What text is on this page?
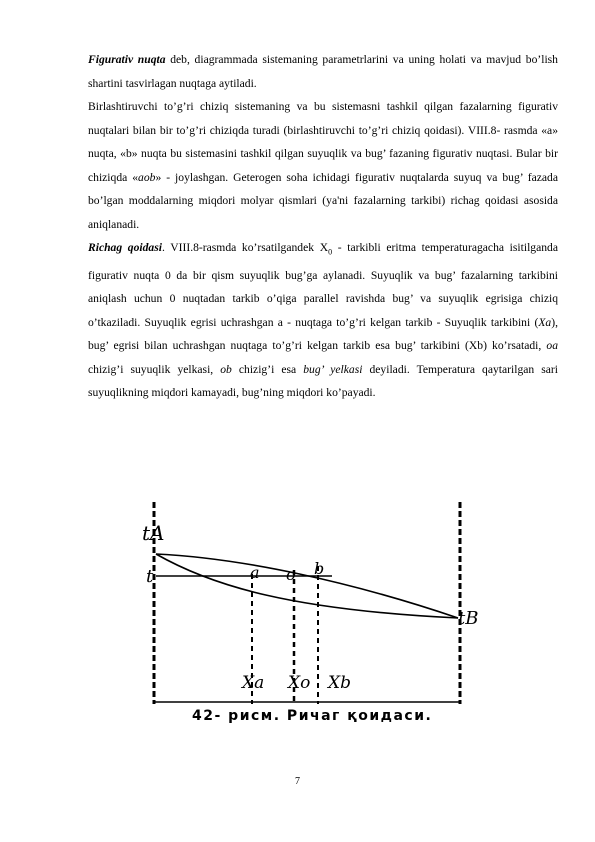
Figurativ nuqta deb, diagrammada sistemaning parametrlarini va uning holati va mavjud bo’lish shartini tasvirlagan nuqtaga aytiladi.

Birlashtiruvchi to’g’ri chiziq sistemaning va bu sistemasni tashkil qilgan fazalarning figurativ nuqtalari bilan bir to’g’ri chiziqda turadi (birlashtiruvchi to’g’ri chiziq qoidasi). VIII.8- rasmda «a» nuqta, «b» nuqta bu sistemasini tashkil qilgan suyuqlik va bug’ fazaning figurativ nuqtasi. Bular bir chiziqda «aob» - joylashgan. Geterogen soha ichidagi figurativ nuqtalarda suyuq va bug’ fazada bo’lgan moddalarning miqdori molyar qismlari (ya'ni fazalarning tarkibi) richag qoidasi asosida aniqlanadi.

Richag qoidasi. VIII.8-rasmda ko’rsatilgandek $X_0$ - tarkibli eritma temperaturagacha isitilganda figurativ nuqta 0 da bir qism suyuqlik bug’ga aylanadi. Suyuqlik va bug’ fazalarning tarkibini aniqlash uchun 0 nuqtadan tarkib o’qiga parallel ravishda bug’ va suyuqlik egrisiga chiziq o’tkaziladi. Suyuqlik egrisi uchrashgan a - nuqtaga to’g’ri kelgan tarkib - Suyuqlik tarkibini (Xa), bug’ egrisi bilan uchrashgan nuqtaga to’g’ri kelgan tarkib esa bug’ tarkibini (Xb) ko’rsatadi, oa chizig’i suyuqlik yelkasi, ob chizig’i esa bug’ yelkasi deyiladi. Temperatura qaytarilgan sari suyuqlikning miqdori kamayadi, bug’ning miqdori ko’payadi.

tA
t	a o b
tB
Xa Xo Xb
42- рисм. Ричаг қоидаси.
7
